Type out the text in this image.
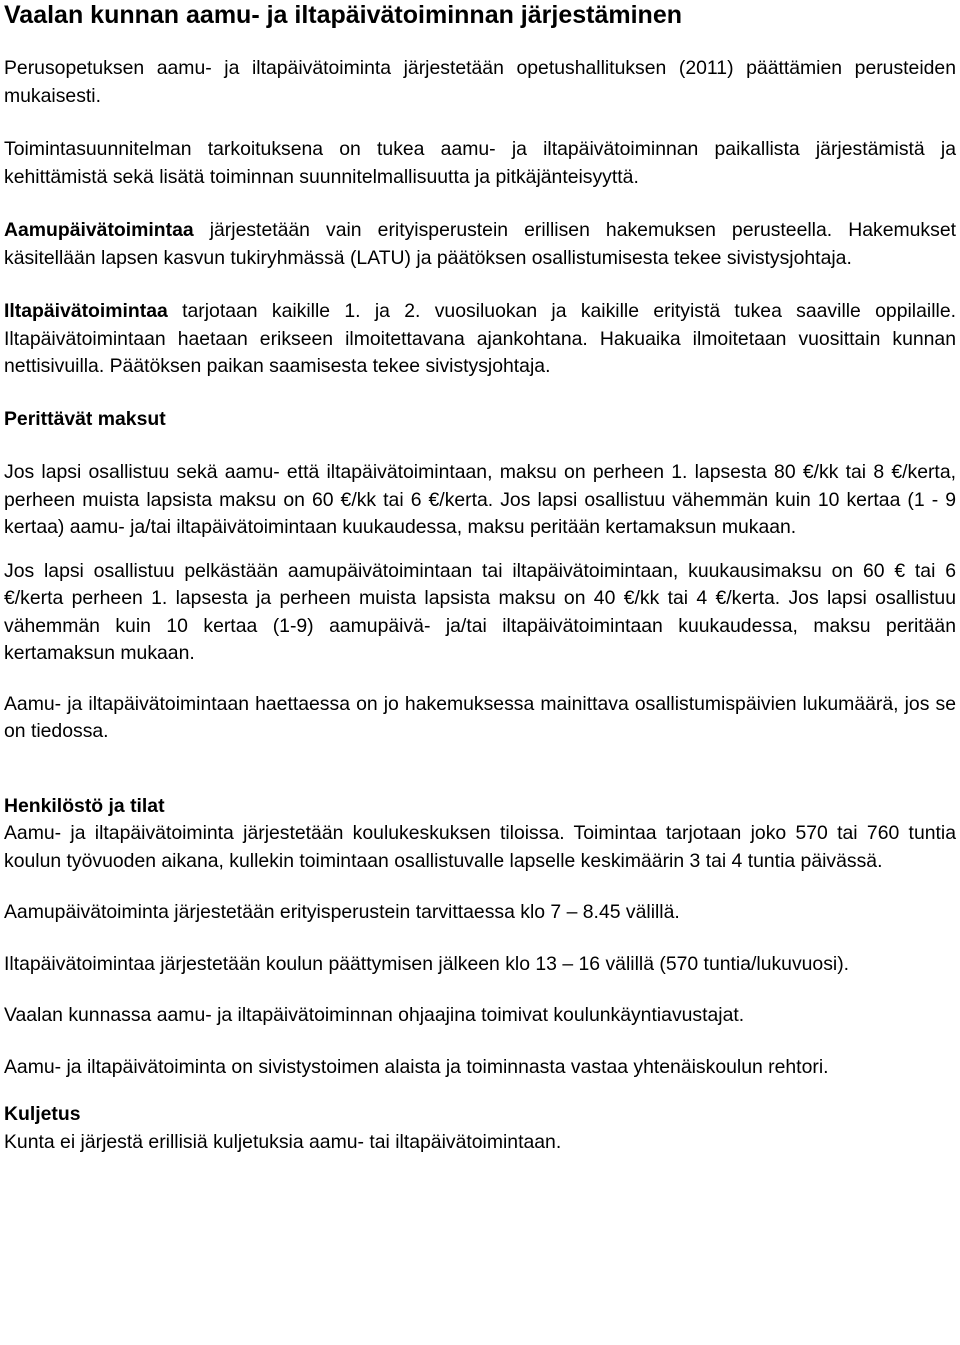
Vaalan kunnan aamu- ja iltapäivätoiminnan järjestäminen

Perusopetuksen aamu- ja iltapäivätoiminta järjestetään opetushallituksen (2011) päättämien perusteiden mukaisesti.

Toimintasuunnitelman tarkoituksena on tukea aamu- ja iltapäivätoiminnan paikallista järjestämistä ja kehittämistä sekä lisätä toiminnan suunnitelmallisuutta ja pitkäjänteisyyttä.

Aamupäivätoimintaa järjestetään vain erityisperustein erillisen hakemuksen perusteella. Hakemukset käsitellään lapsen kasvun tukiryhmässä (LATU) ja päätöksen osallistumisesta tekee sivistysjohtaja.

Iltapäivätoimintaa tarjotaan kaikille 1. ja 2. vuosiluokan ja kaikille erityistä tukea saaville oppilaille. Iltapäivätoimintaan haetaan erikseen ilmoitettavana ajankohtana. Hakuaika ilmoitetaan vuosittain kunnan nettisivuilla. Päätöksen paikan saamisesta tekee sivistysjohtaja.

Perittävät maksut

Jos lapsi osallistuu sekä aamu- että iltapäivätoimintaan, maksu on perheen 1. lapsesta 80 €/kk tai 8 €/kerta, perheen muista lapsista maksu on 60 €/kk tai 6 €/kerta. Jos lapsi osallistuu vähemmän kuin 10 kertaa (1 - 9 kertaa) aamu- ja/tai iltapäivätoimintaan kuukaudessa, maksu peritään kertamaksun mukaan.

Jos lapsi osallistuu pelkästään aamupäivätoimintaan tai iltapäivätoimintaan, kuukausimaksu on 60 € tai 6 €/kerta perheen 1. lapsesta ja perheen muista lapsista maksu on 40 €/kk tai 4 €/kerta. Jos lapsi osallistuu vähemmän kuin 10 kertaa (1-9) aamupäivä- ja/tai iltapäivätoimintaan kuukaudessa, maksu peritään kertamaksun mukaan.

Aamu- ja iltapäivätoimintaan haettaessa on jo hakemuksessa mainittava osallistumispäivien lukumäärä, jos se on tiedossa.

Henkilöstö ja tilat

Aamu- ja iltapäivätoiminta järjestetään koulukeskuksen tiloissa. Toimintaa tarjotaan joko 570 tai 760 tuntia koulun työvuoden aikana, kullekin toimintaan osallistuvalle lapselle keskimäärin 3 tai 4 tuntia päivässä.

Aamupäivätoiminta järjestetään erityisperustein tarvittaessa klo 7 – 8.45 välillä.

Iltapäivätoimintaa järjestetään koulun päättymisen jälkeen klo 13 – 16 välillä (570 tuntia/lukuvuosi).

Vaalan kunnassa aamu- ja iltapäivätoiminnan ohjaajina toimivat koulunkäyntiavustajat.

Aamu- ja iltapäivätoiminta on sivistystoimen alaista ja toiminnasta vastaa yhtenäiskoulun rehtori.

Kuljetus

Kunta ei järjestä erillisiä kuljetuksia aamu- tai iltapäivätoimintaan.
